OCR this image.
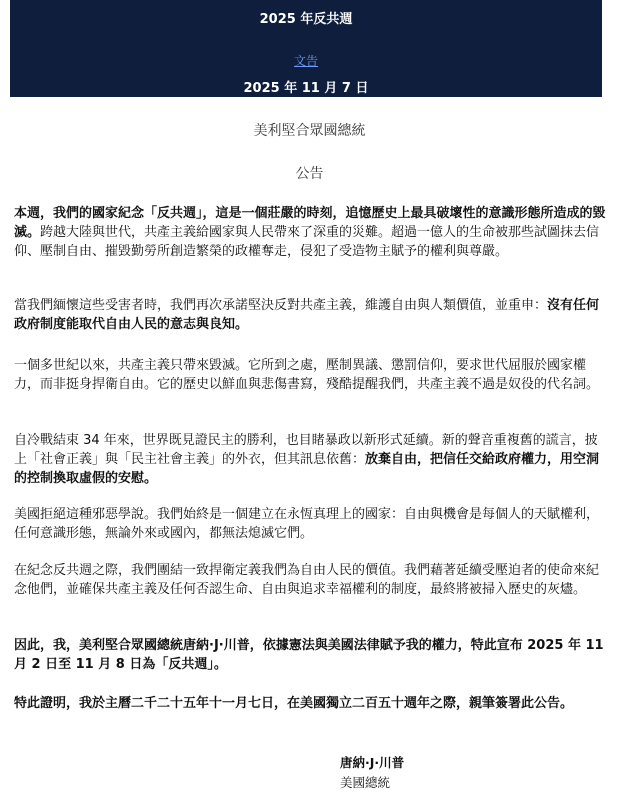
2025 年反共週
文告
2025 年 11 月 7 日
美利堅合眾國總統
公告

本週，我們的國家紀念「反共週」，這是一個莊嚴的時刻，追憶歷史上最具破壞性的意識形態所造成的毀滅。跨越大陸與世代，共產主義給國家與人民帶來了深重的災難。超過一億人的生命被那些試圖抹去信仰、壓制自由、摧毀勤勞所創造繁榮的政權奪走，侵犯了受造物主賦予的權利與尊嚴。

當我們緬懷這些受害者時，我們再次承諾堅決反對共產主義，維護自由與人類價值，並重申：沒有任何政府制度能取代自由人民的意志與良知。

一個多世紀以來，共產主義只帶來毀滅。它所到之處，壓制異議、懲罰信仰，要求世代屈服於國家權力，而非挺身捍衛自由。它的歷史以鮮血與悲傷書寫，殘酷提醒我們，共產主義不過是奴役的代名詞。

自冷戰結束 34 年來，世界既見證民主的勝利，也目睹暴政以新形式延續。新的聲音重複舊的謊言，披上「社會正義」與「民主社會主義」的外衣，但其訊息依舊：放棄自由，把信任交給政府權力，用空洞的控制換取虛假的安慰。

美國拒絕這種邪惡學說。我們始終是一個建立在永恆真理上的國家：自由與機會是每個人的天賦權利，任何意識形態，無論外來或國內，都無法熄滅它們。

在紀念反共週之際，我們團結一致捍衛定義我們為自由人民的價值。我們藉著延續受壓迫者的使命來紀念他們，並確保共產主義及任何否認生命、自由與追求幸福權利的制度，最終將被掃入歷史的灰燼。

因此，我，美利堅合眾國總統唐納·J·川普，依據憲法與美國法律賦予我的權力，特此宣布 2025 年 11 月 2 日至 11 月 8 日為「反共週」。

特此證明，我於主曆二千二十五年十一月七日，在美國獨立二百五十週年之際，親筆簽署此公告。

唐納·J·川普
美國總統
